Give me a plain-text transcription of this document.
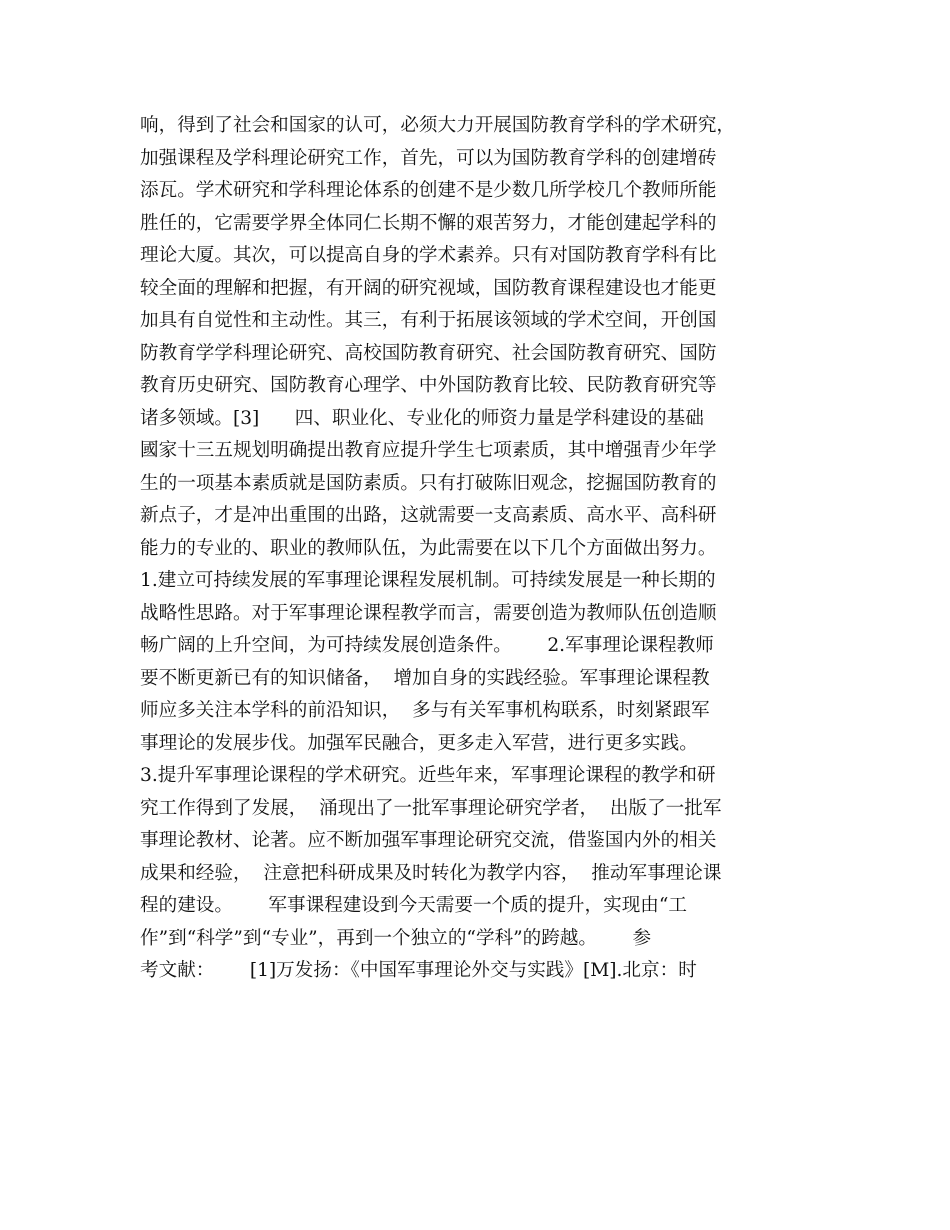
响，得到了社会和国家的认可，必须大力开展国防教育学科的学术研究，
加强课程及学科理论研究工作，首先，可以为国防教育学科的创建增砖
添瓦。学术研究和学科理论体系的创建不是少数几所学校几个教师所能
胜任的，它需要学界全体同仁长期不懈的艰苦努力，才能创建起学科的
理论大厦。其次，可以提高自身的学术素养。只有对国防教育学科有比
较全面的理解和把握，有开阔的研究视域，国防教育课程建设也才能更
加具有自觉性和主动性。其三，有利于拓展该领域的学术空间，开创国
防教育学学科理论研究、高校国防教育研究、社会国防教育研究、国防
教育历史研究、国防教育心理学、中外国防教育比较、民防教育研究等
诸多领域。[3]      四、职业化、专业化的师资力量是学科建设的基础
國家十三五规划明确提出教育应提升学生七项素质，其中增强青少年学
生的一项基本素质就是国防素质。只有打破陈旧观念，挖掘国防教育的
新点子，才是冲出重围的出路，这就需要一支高素质、高水平、高科研
能力的专业的、职业的教师队伍，为此需要在以下几个方面做出努力。
1.建立可持续发展的军事理论课程发展机制。可持续发展是一种长期的
战略性思路。对于军事理论课程教学而言，需要创造为教师队伍创造顺
畅广阔的上升空间，为可持续发展创造条件。      2.军事理论课程教师
要不断更新已有的知识储备，  增加自身的实践经验。军事理论课程教
师应多关注本学科的前沿知识，  多与有关军事机构联系，时刻紧跟军
事理论的发展步伐。加强军民融合，更多走入军营，进行更多实践。
3.提升军事理论课程的学术研究。近些年来，军事理论课程的教学和研
究工作得到了发展，  涌现出了一批军事理论研究学者，  出版了一批军
事理论教材、论著。应不断加强军事理论研究交流，借鉴国内外的相关
成果和经验，  注意把科研成果及时转化为教学内容，  推动军事理论课
程的建设。      军事课程建设到今天需要一个质的提升，实现由“工
作”到“科学”到“专业”，再到一个独立的“学科”的跨越。      参
考文献：      [1]万发扬：《中国军事理论外交与实践》[M].北京：时
